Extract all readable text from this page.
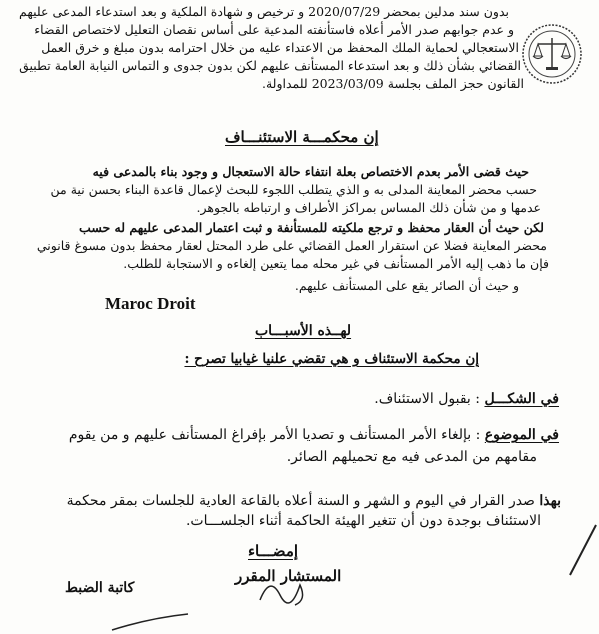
بدون سند مدلين بمحضر 2020/07/29 و ترخيص و شهادة الملكية و بعد استدعاء المدعى عليهم
و عدم جوابهم صدر الأمر أعلاه فاستأنفته المدعية على أساس نقصان التعليل لاختصاص القضاء
الاستعجالي لحماية الملك المحفظ من الاعتداء عليه من خلال احترامه بدون مبلغ و خرق العمل
القضائي بشأن ذلك و بعد استدعاء المستأنف عليهم لكن بدون جدوى و التماس النيابة العامة تطبيق
القانون حجز الملف بجلسة 2023/03/09 للمداولة.
إن محكمـــة الاستئنـــاف
حيث قضى الأمر بعدم الاختصاص بعلة انتفاء حالة الاستعجال و وجود بناء بالمدعى فيه
حسب محضر المعاينة المدلى به و الذي يتطلب اللجوء للبحث لإعمال قاعدة البناء بحسن نية من
عدمها و من شأن ذلك المساس بمراكز الأطراف و ارتباطه بالجوهر.
لكن حيث أن العقار محفظ و ترجع ملكيته للمستأنفة و ثبت اعتمار المدعى عليهم له حسب
محضر المعاينة فضلا عن استقرار العمل القضائي على طرد المحتل لعقار محفظ بدون مسوغ قانوني
فإن ما ذهب إليه الأمر المستأنف في غير محله مما يتعين إلغاءه و الاستجابة للطلب.
و حيث أن الصائر يقع على المستأنف عليهم.
Maroc Droit
لهــذه الأسبـــاب
إن محكمة الاستئناف و هي تقضي علنيا غيابيا تصرح :
في الشكـــل : بقبول الاستئناف.
في الموضوع : بإلغاء الأمر المستأنف و تصديا الأمر بإفراغ المستأنف عليهم و من يقوم
مقامهم من المدعى فيه مع تحميلهم الصائر.
بهذا صدر القرار في اليوم و الشهر و السنة أعلاه بالقاعة العادية للجلسات بمقر محكمة
الاستئناف بوجدة دون أن تتغير الهيئة الحاكمة أثناء الجلســـات.
إمضـــاء
المستشار المقرر
كاتبة الضبط
